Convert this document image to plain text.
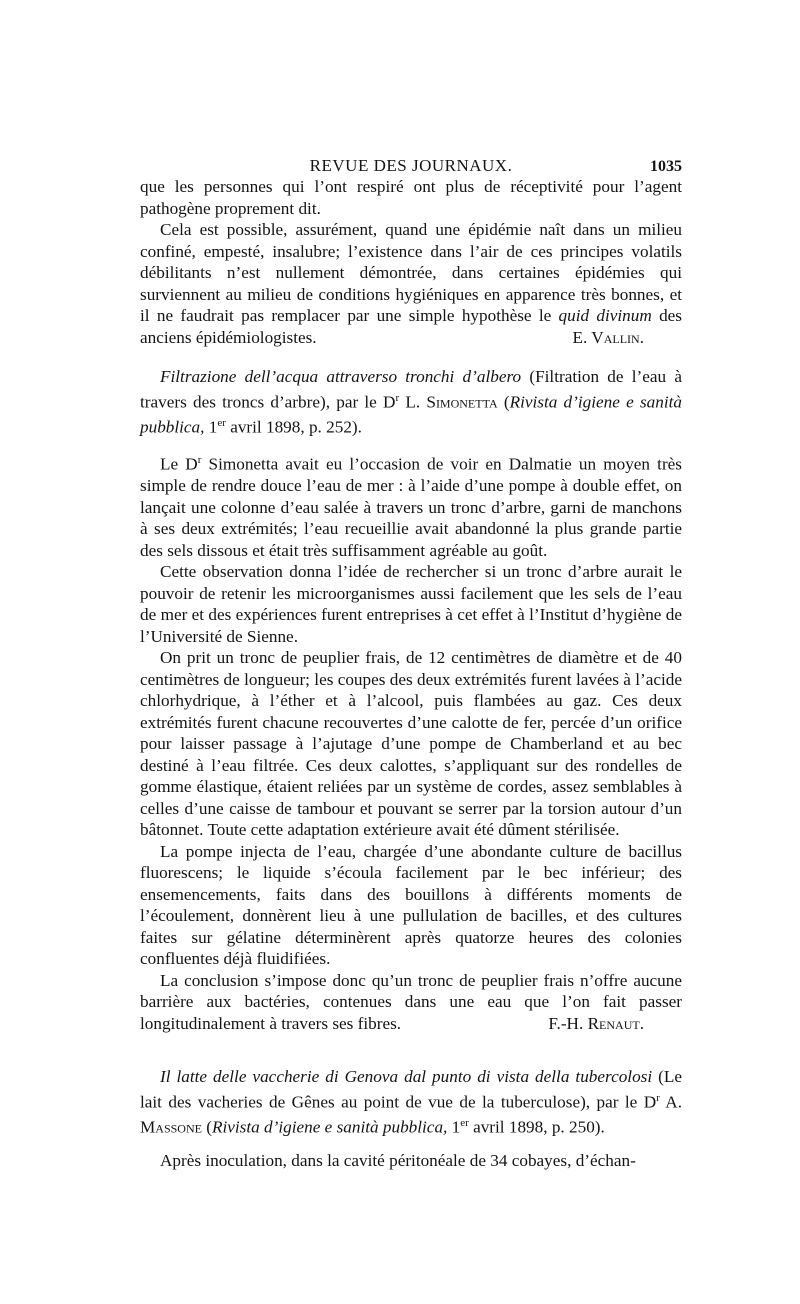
REVUE DES JOURNAUX.	1035

que les personnes qui l’ont respiré ont plus de réceptivité pour l’agent pathogène proprement dit.

Cela est possible, assurément, quand une épidémie naît dans un milieu confiné, empesté, insalubre; l’existence dans l’air de ces principes volatils débilitants n’est nullement démontrée, dans certaines épidémies qui surviennent au milieu de conditions hygiéniques en apparence très bonnes, et il ne faudrait pas remplacer par une simple hypothèse le quid divinum des anciens épidémiologistes.	E. Vallin.

Filtrazione dell’acqua attraverso tronchi d’albero (Filtration de l’eau à travers des troncs d’arbre), par le $D^r$ L. Simonetta (Rivista d’igiene e sanità pubblica, 1er avril 1898, p. 252).

Le $D^r$ Simonetta avait eu l’occasion de voir en Dalmatie un moyen très simple de rendre douce l’eau de mer : à l’aide d’une pompe à double effet, on lançait une colonne d’eau salée à travers un tronc d’arbre, garni de manchons à ses deux extrémités; l’eau recueillie avait abandonné la plus grande partie des sels dissous et était très suffisamment agréable au goût.

Cette observation donna l’idée de rechercher si un tronc d’arbre aurait le pouvoir de retenir les microorganismes aussi facilement que les sels de l’eau de mer et des expériences furent entreprises à cet effet à l’Institut d’hygiène de l’Université de Sienne.

On prit un tronc de peuplier frais, de 12 centimètres de diamètre et de 40 centimètres de longueur; les coupes des deux extrémités furent lavées à l’acide chlorhydrique, à l’éther et à l’alcool, puis flambées au gaz. Ces deux extrémités furent chacune recouvertes d’une calotte de fer, percée d’un orifice pour laisser passage à l’ajutage d’une pompe de Chamberland et au bec destiné à l’eau filtrée. Ces deux calottes, s’appliquant sur des rondelles de gomme élastique, étaient reliées par un système de cordes, assez semblables à celles d’une caisse de tambour et pouvant se serrer par la torsion autour d’un bâtonnet. Toute cette adaptation extérieure avait été dûment stérilisée.

La pompe injecta de l’eau, chargée d’une abondante culture de bacillus fluorescens; le liquide s’écoula facilement par le bec inférieur; des ensemencements, faits dans des bouillons à différents moments de l’écoulement, donnèrent lieu à une pullulation de bacilles, et des cultures faites sur gélatine déterminèrent après quatorze heures des colonies confluentes déjà fluidifiées.

La conclusion s’impose donc qu’un tronc de peuplier frais n’offre aucune barrière aux bactéries, contenues dans une eau que l’on fait passer longitudinalement à travers ses fibres.	F.-H. Renaut.

Il latte delle vaccherie di Genova dal punto di vista della tubercolosi (Le lait des vacheries de Gênes au point de vue de la tuberculose), par le $D^r$ A. Massone (Rivista d’igiene e sanità pubblica, 1er avril 1898, p. 250).

Après inoculation, dans la cavité péritonéale de 34 cobayes, d’échan-
